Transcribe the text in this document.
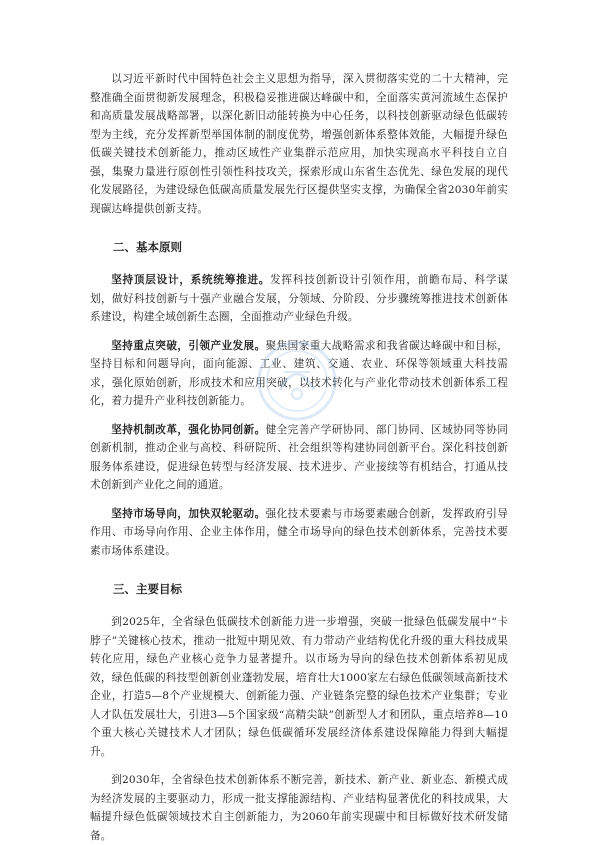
以习近平新时代中国特色社会主义思想为指导，深入贯彻落实党的二十大精神，完整准确全面贯彻新发展理念，积极稳妥推进碳达峰碳中和，全面落实黄河流域生态保护和高质量发展战略部署，以深化新旧动能转换为中心任务，以科技创新驱动绿色低碳转型为主线，充分发挥新型举国体制的制度优势，增强创新体系整体效能，大幅提升绿色低碳关键技术创新能力，推动区域性产业集群示范应用，加快实现高水平科技自立自强，集聚力量进行原创性引领性科技攻关，探索形成山东省生态优先、绿色发展的现代化发展路径，为建设绿色低碳高质量发展先行区提供坚实支撑，为确保全省2030年前实现碳达峰提供创新支持。

二、基本原则

坚持顶层设计，系统统筹推进。发挥科技创新设计引领作用，前瞻布局、科学谋划，做好科技创新与十强产业融合发展，分领域、分阶段、分步骤统筹推进技术创新体系建设，构建全域创新生态圈，全面推动产业绿色升级。

坚持重点突破，引领产业发展。聚焦国家重大战略需求和我省碳达峰碳中和目标，坚持目标和问题导向，面向能源、工业、建筑、交通、农业、环保等领域重大科技需求，强化原始创新，形成技术和应用突破，以技术转化与产业化带动技术创新体系工程化，着力提升产业科技创新能力。

坚持机制改革，强化协同创新。健全完善产学研协同、部门协同、区域协同等协同创新机制，推动企业与高校、科研院所、社会组织等构建协同创新平台。深化科技创新服务体系建设，促进绿色转型与经济发展、技术进步、产业接续等有机结合，打通从技术创新到产业化之间的通道。

坚持市场导向，加快双轮驱动。强化技术要素与市场要素融合创新，发挥政府引导作用、市场导向作用、企业主体作用，健全市场导向的绿色技术创新体系，完善技术要素市场体系建设。

三、主要目标

到2025年，全省绿色低碳技术创新能力进一步增强，突破一批绿色低碳发展中“卡脖子”关键核心技术，推动一批短中期见效、有力带动产业结构优化升级的重大科技成果转化应用，绿色产业核心竞争力显著提升。以市场为导向的绿色技术创新体系初见成效，绿色低碳的科技型创新创业蓬勃发展，培育壮大1000家左右绿色低碳领域高新技术企业，打造5—8个产业规模大、创新能力强、产业链条完整的绿色技术产业集群；专业人才队伍发展壮大，引进3—5个国家级“高精尖缺”创新型人才和团队，重点培养8—10个重大核心关键技术人才团队；绿色低碳循环发展经济体系建设保障能力得到大幅提升。

到2030年，全省绿色技术创新体系不断完善，新技术、新产业、新业态、新模式成为经济发展的主要驱动力，形成一批支撑能源结构、产业结构显著优化的科技成果，大幅提升绿色低碳领域技术自主创新能力，为2060年前实现碳中和目标做好技术研发储备。
